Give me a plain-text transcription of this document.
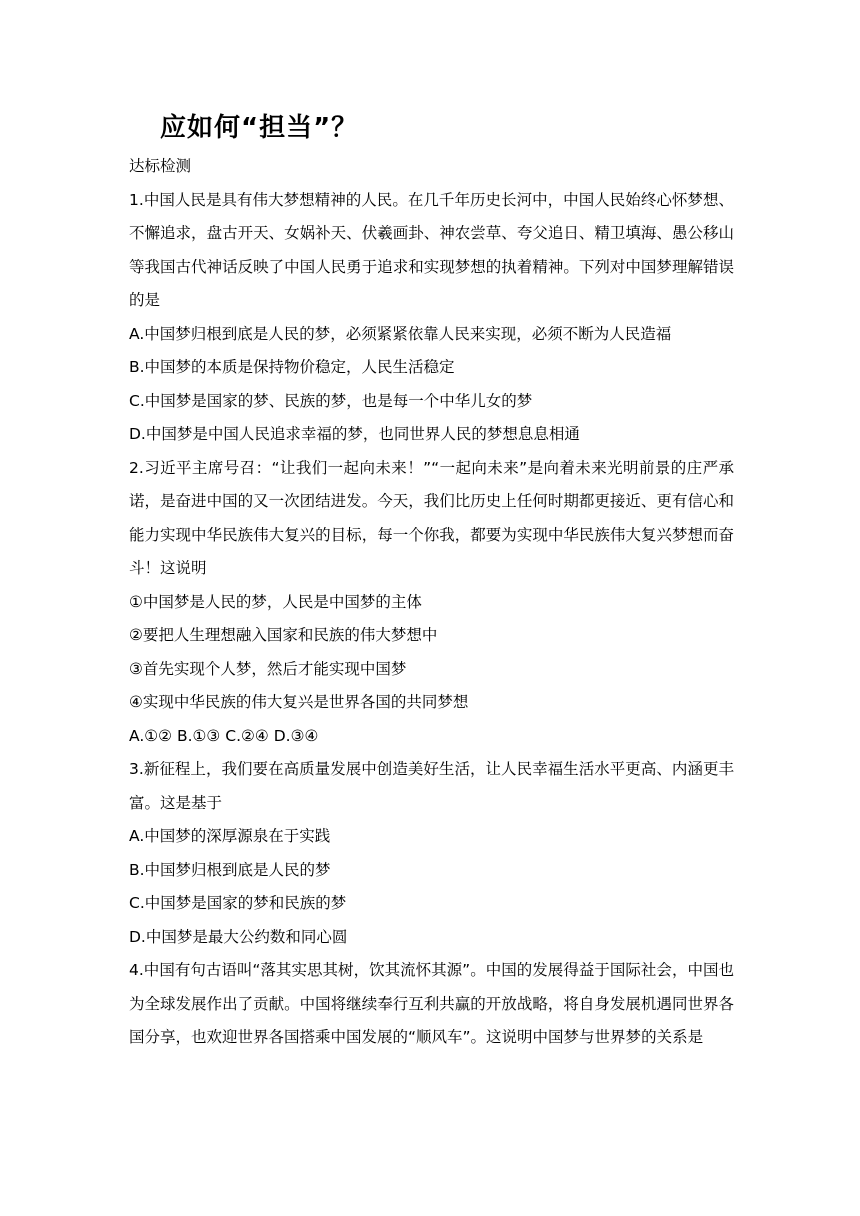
应如何“担当”？

达标检测

1.中国人民是具有伟大梦想精神的人民。在几千年历史长河中，中国人民始终心怀梦想、不懈追求，盘古开天、女娲补天、伏羲画卦、神农尝草、夸父追日、精卫填海、愚公移山等我国古代神话反映了中国人民勇于追求和实现梦想的执着精神。下列对中国梦理解错误的是

A.中国梦归根到底是人民的梦，必须紧紧依靠人民来实现，必须不断为人民造福

B.中国梦的本质是保持物价稳定，人民生活稳定

C.中国梦是国家的梦、民族的梦，也是每一个中华儿女的梦

D.中国梦是中国人民追求幸福的梦，也同世界人民的梦想息息相通

2.习近平主席号召：“让我们一起向未来！”“一起向未来”是向着未来光明前景的庄严承诺，是奋进中国的又一次团结进发。今天，我们比历史上任何时期都更接近、更有信心和能力实现中华民族伟大复兴的目标，每一个你我，都要为实现中华民族伟大复兴梦想而奋斗！这说明

①中国梦是人民的梦，人民是中国梦的主体

②要把人生理想融入国家和民族的伟大梦想中

③首先实现个人梦，然后才能实现中国梦

④实现中华民族的伟大复兴是世界各国的共同梦想

A.①② B.①③ C.②④ D.③④

3.新征程上，我们要在高质量发展中创造美好生活，让人民幸福生活水平更高、内涵更丰富。这是基于

A.中国梦的深厚源泉在于实践

B.中国梦归根到底是人民的梦

C.中国梦是国家的梦和民族的梦

D.中国梦是最大公约数和同心圆

4.中国有句古语叫“落其实思其树，饮其流怀其源”。中国的发展得益于国际社会，中国也为全球发展作出了贡献。中国将继续奉行互利共赢的开放战略，将自身发展机遇同世界各国分享，也欢迎世界各国搭乘中国发展的“顺风车”。这说明中国梦与世界梦的关系是
